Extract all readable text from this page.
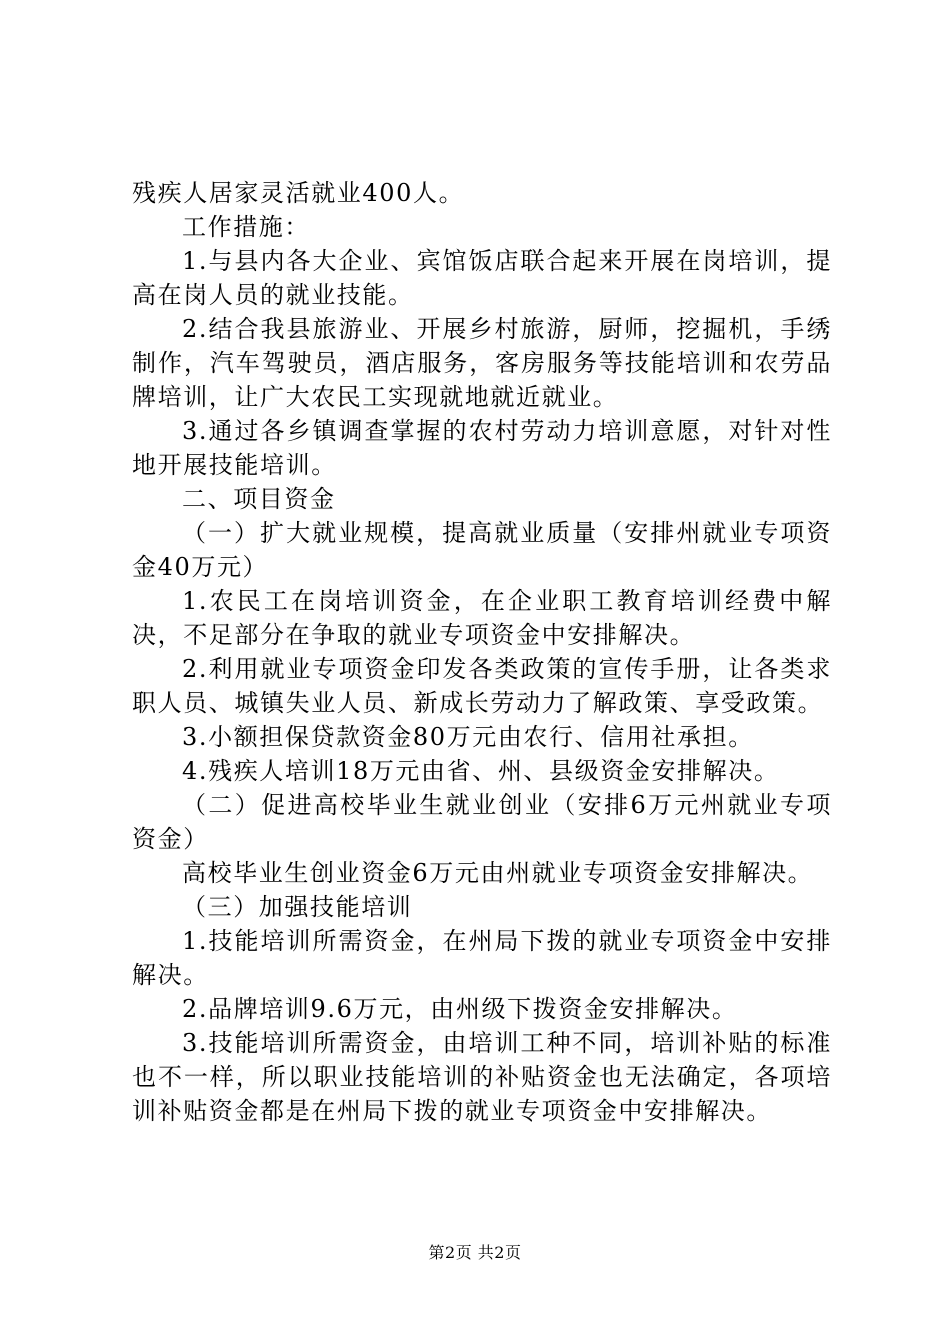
残疾人居家灵活就业400人。

工作措施：

1.与县内各大企业、宾馆饭店联合起来开展在岗培训，提高在岗人员的就业技能。

2.结合我县旅游业、开展乡村旅游，厨师，挖掘机，手绣制作，汽车驾驶员，酒店服务，客房服务等技能培训和农劳品牌培训，让广大农民工实现就地就近就业。

3.通过各乡镇调查掌握的农村劳动力培训意愿，对针对性地开展技能培训。

二、项目资金

（一）扩大就业规模，提高就业质量（安排州就业专项资金40万元）

1.农民工在岗培训资金，在企业职工教育培训经费中解决，不足部分在争取的就业专项资金中安排解决。

2.利用就业专项资金印发各类政策的宣传手册，让各类求职人员、城镇失业人员、新成长劳动力了解政策、享受政策。

3.小额担保贷款资金80万元由农行、信用社承担。

4.残疾人培训18万元由省、州、县级资金安排解决。

（二）促进高校毕业生就业创业（安排6万元州就业专项资金）

高校毕业生创业资金6万元由州就业专项资金安排解决。

（三）加强技能培训

1.技能培训所需资金，在州局下拨的就业专项资金中安排解决。

2.品牌培训9.6万元，由州级下拨资金安排解决。

3.技能培训所需资金，由培训工种不同，培训补贴的标准也不一样，所以职业技能培训的补贴资金也无法确定，各项培训补贴资金都是在州局下拨的就业专项资金中安排解决。

第2页 共2页
